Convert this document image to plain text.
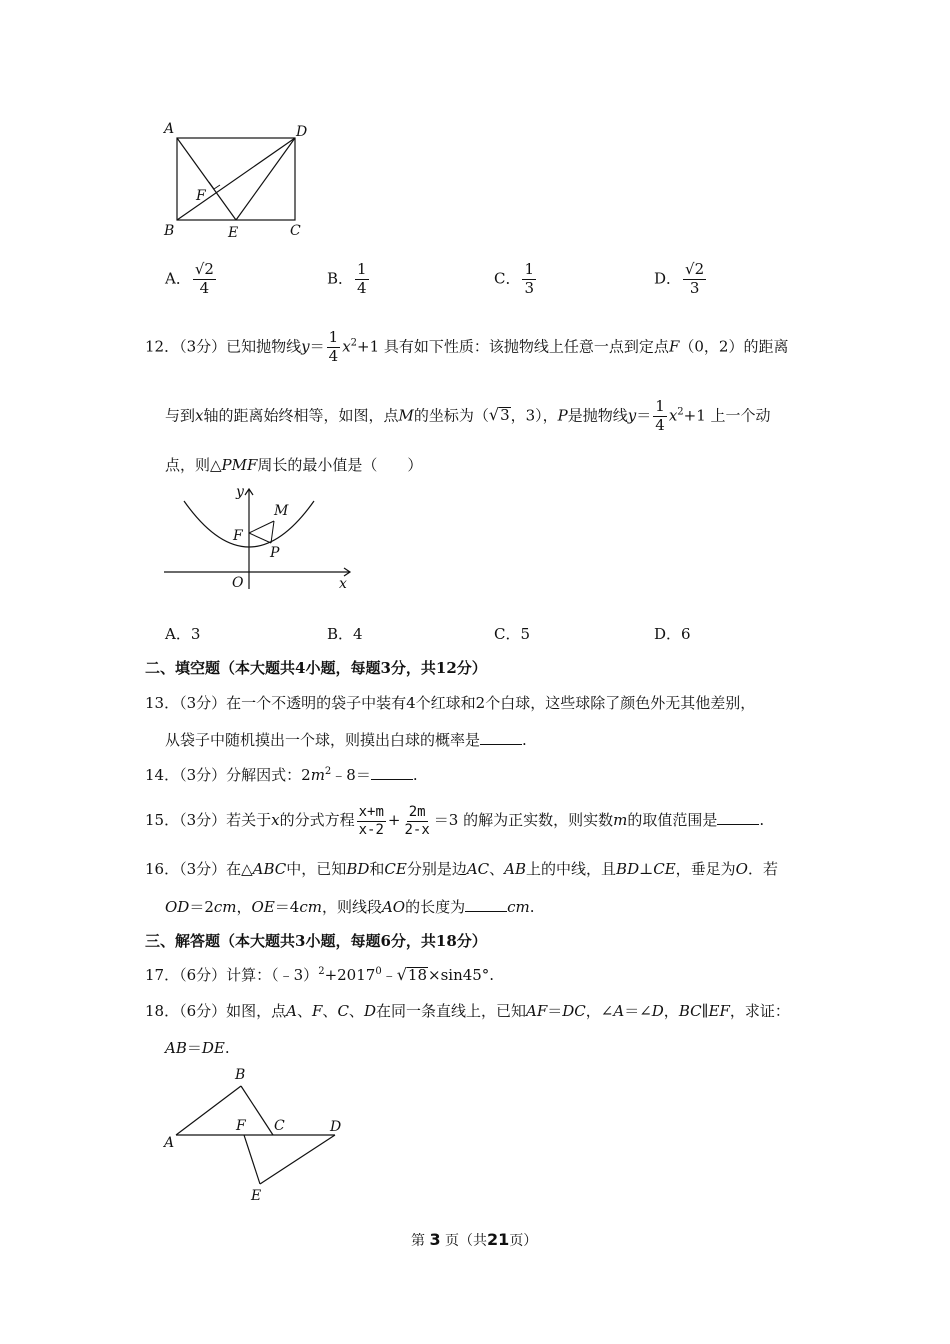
A	D
F
B	E	C
A． $\frac{√2}{4}$	B． $\frac{1}{4}$	C． $\frac{1}{3}$	D． $\frac{√2}{3}$
12．（3分）已知抛物线$y= \frac{1}{4} x^2+1$ 具有如下性质：该抛物线上任意一点到定点F（0，2）的距离
与到x轴的距离始终相等，如图，点M的坐标为（ √ 3 ，3），P是抛物线$y= \frac{1}{4} x^2+1$ 上一个动
点，则△PMF周长的最小值是（　　）
y
M
F
P
O	x
A．3	B．4	C．5	D．6
二、填空题（本大题共4小题，每题3分，共12分）
13．（3分）在一个不透明的袋子中装有4个红球和2个白球，这些球除了颜色外无其他差别，
从袋子中随机摸出一个球，则摸出白球的概率是	.
14．（3分）分解因式：$2m^2﹣8=$	.
15．（3分）若关于x的分式方程 $\frac{x+m}{x-2} + \frac{2m}{2-x} =3$ 的解为正实数，则实数m的取值范围是	.
16．（3分）在△ABC中，已知BD和CE分别是边AC、AB上的中线，且BD⊥CE，垂足为O．若
OD＝2cm，OE＝4cm，则线段AO的长度为	cm.
三、解答题（本大题共3小题，每题6分，共18分）
17．（6分）计算：$(﹣3)^2+2017^0﹣$ √ 18 ×sin45°.
18．（6分）如图，点A、F、C、D在同一条直线上，已知AF＝DC，∠A＝∠D，BC∥EF，求证：
AB＝DE.
B
A
F C	D
E
第 3 页（共21页）
